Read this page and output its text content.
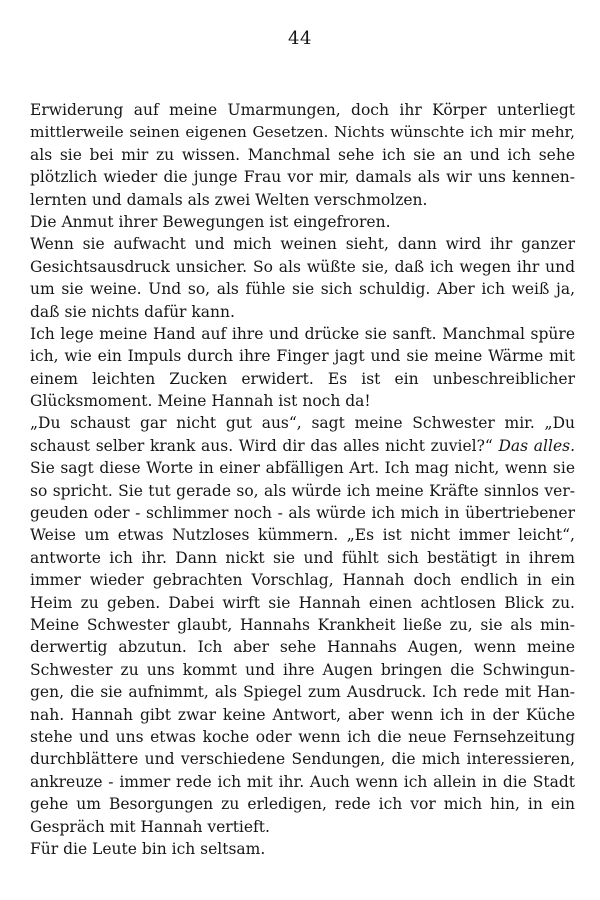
44
Erwiderung auf meine Umarmungen, doch ihr Körper unterliegt
mittlerweile seinen eigenen Gesetzen. Nichts wünschte ich mir mehr,
als sie bei mir zu wissen. Manchmal sehe ich sie an und ich sehe
plötzlich wieder die junge Frau vor mir, damals als wir uns kennen-
lernten und damals als zwei Welten verschmolzen.
Die Anmut ihrer Bewegungen ist eingefroren.
Wenn sie aufwacht und mich weinen sieht, dann wird ihr ganzer
Gesichtsausdruck unsicher. So als wüßte sie, daß ich wegen ihr und
um sie weine. Und so, als fühle sie sich schuldig. Aber ich weiß ja,
daß sie nichts dafür kann.
Ich lege meine Hand auf ihre und drücke sie sanft. Manchmal spüre
ich, wie ein Impuls durch ihre Finger jagt und sie meine Wärme mit
einem leichten Zucken erwidert. Es ist ein unbeschreiblicher
Glücksmoment. Meine Hannah ist noch da!
„Du schaust gar nicht gut aus“, sagt meine Schwester mir. „Du
schaust selber krank aus. Wird dir das alles nicht zuviel?“ Das alles.
Sie sagt diese Worte in einer abfälligen Art. Ich mag nicht, wenn sie
so spricht. Sie tut gerade so, als würde ich meine Kräfte sinnlos ver-
geuden oder - schlimmer noch - als würde ich mich in übertriebener
Weise um etwas Nutzloses kümmern. „Es ist nicht immer leicht“,
antworte ich ihr. Dann nickt sie und fühlt sich bestätigt in ihrem
immer wieder gebrachten Vorschlag, Hannah doch endlich in ein
Heim zu geben. Dabei wirft sie Hannah einen achtlosen Blick zu.
Meine Schwester glaubt, Hannahs Krankheit ließe zu, sie als min-
derwertig abzutun. Ich aber sehe Hannahs Augen, wenn meine
Schwester zu uns kommt und ihre Augen bringen die Schwingun-
gen, die sie aufnimmt, als Spiegel zum Ausdruck. Ich rede mit Han-
nah. Hannah gibt zwar keine Antwort, aber wenn ich in der Küche
stehe und uns etwas koche oder wenn ich die neue Fernsehzeitung
durchblättere und verschiedene Sendungen, die mich interessieren,
ankreuze - immer rede ich mit ihr. Auch wenn ich allein in die Stadt
gehe um Besorgungen zu erledigen, rede ich vor mich hin, in ein
Gespräch mit Hannah vertieft.
Für die Leute bin ich seltsam.
